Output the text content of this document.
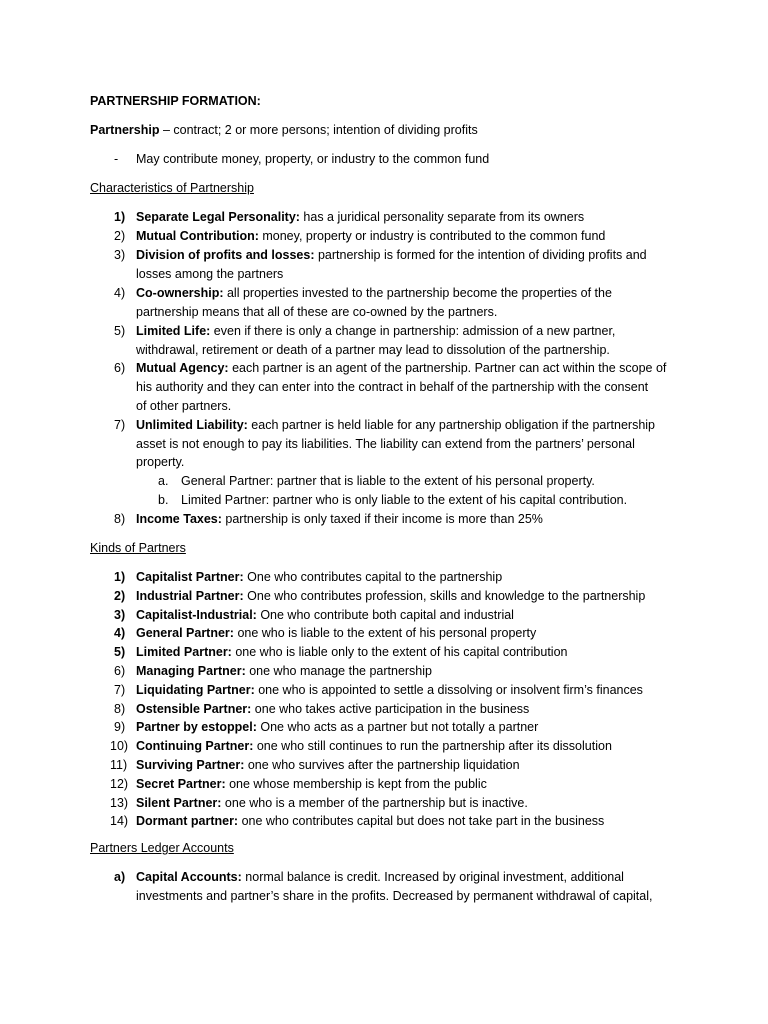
PARTNERSHIP FORMATION:
Partnership – contract; 2 or more persons; intention of dividing profits
- May contribute money, property, or industry to the common fund
Characteristics of Partnership
1) Separate Legal Personality: has a juridical personality separate from its owners
2) Mutual Contribution: money, property or industry is contributed to the common fund
3) Division of profits and losses: partnership is formed for the intention of dividing profits and
losses among the partners
4) Co-ownership: all properties invested to the partnership become the properties of the
partnership means that all of these are co-owned by the partners.
5) Limited Life: even if there is only a change in partnership: admission of a new partner,
withdrawal, retirement or death of a partner may lead to dissolution of the partnership.
6) Mutual Agency: each partner is an agent of the partnership. Partner can act within the scope of
his authority and they can enter into the contract in behalf of the partnership with the consent
of other partners.
7) Unlimited Liability: each partner is held liable for any partnership obligation if the partnership
asset is not enough to pay its liabilities. The liability can extend from the partners’ personal
property.
8) Income Taxes: partnership is only taxed if their income is more than 25%
a. General Partner: partner that is liable to the extent of his personal property.
b. Limited Partner: partner who is only liable to the extent of his capital contribution.
Kinds of Partners
1) Capitalist Partner: One who contributes capital to the partnership
2) Industrial Partner: One who contributes profession, skills and knowledge to the partnership
3) Capitalist-Industrial: One who contribute both capital and industrial
4) General Partner: one who is liable to the extent of his personal property
5) Limited Partner: one who is liable only to the extent of his capital contribution
6) Managing Partner: one who manage the partnership
7) Liquidating Partner: one who is appointed to settle a dissolving or insolvent firm’s finances
8) Ostensible Partner: one who takes active participation in the business
9) Partner by estoppel: One who acts as a partner but not totally a partner
10) Continuing Partner: one who still continues to run the partnership after its dissolution
11) Surviving Partner: one who survives after the partnership liquidation
12) Secret Partner: one whose membership is kept from the public
13) Silent Partner: one who is a member of the partnership but is inactive.
14) Dormant partner: one who contributes capital but does not take part in the business
Partners Ledger Accounts
a) Capital Accounts: normal balance is credit. Increased by original investment, additional
investments and partner’s share in the profits. Decreased by permanent withdrawal of capital,
